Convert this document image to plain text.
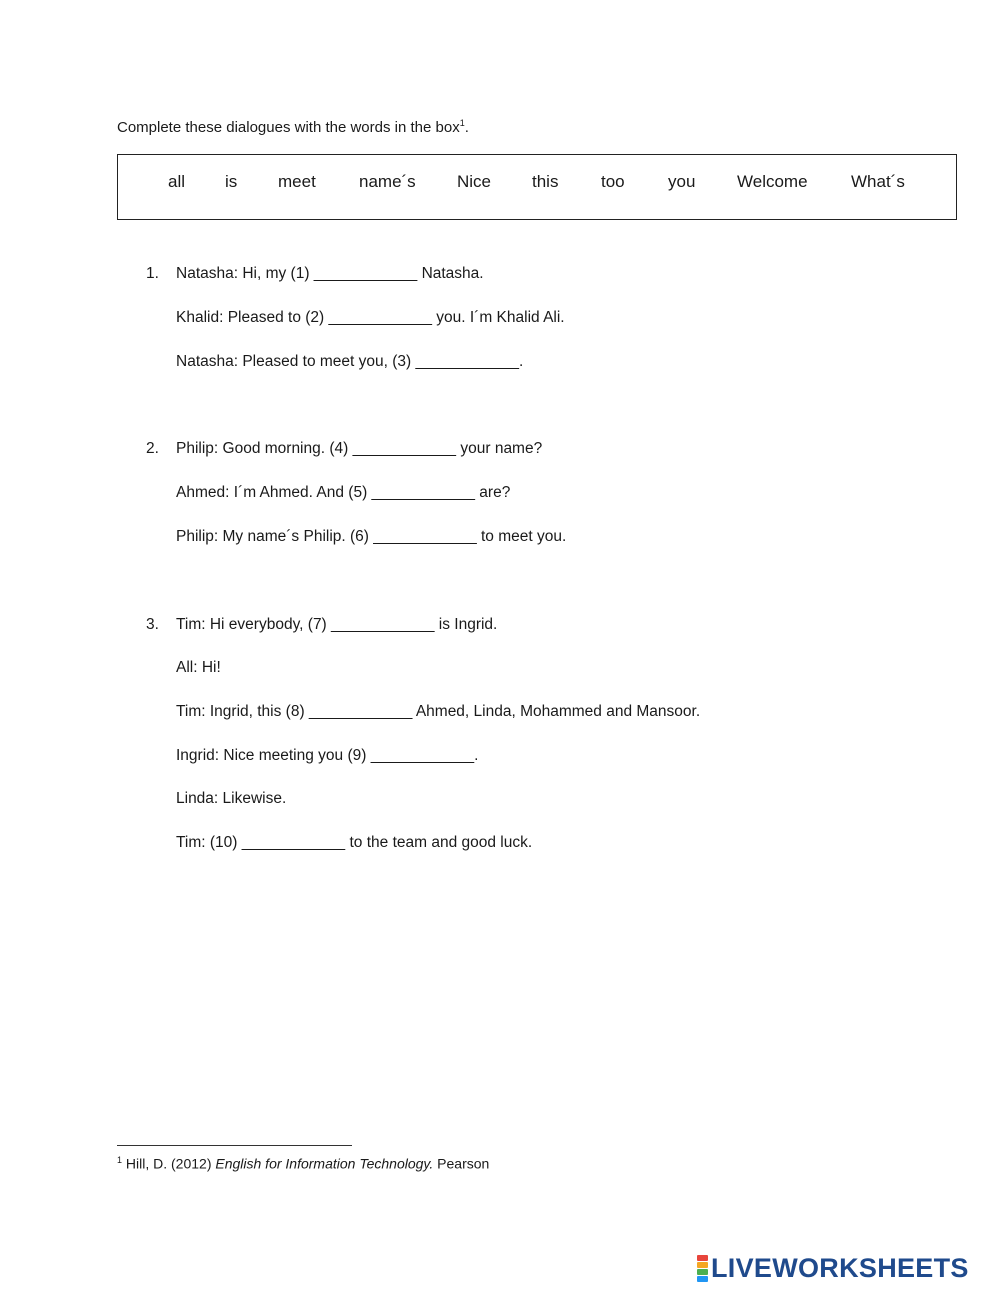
Complete these dialogues with the words in the box$^1$.
all is meet	name´s Nice this	too	you Welcome	What´s
1. Natasha: Hi, my (1) ____________ Natasha.
Khalid: Pleased to (2) ____________ you. I´m Khalid Ali.
Natasha: Pleased to meet you, (3) ____________.
2. Philip: Good morning. (4) ____________ your name?
Ahmed: I´m Ahmed. And (5) ____________ are?
Philip: My name´s Philip. (6) ____________ to meet you.
3. Tim: Hi everybody, (7) ____________ is Ingrid.
All: Hi!
Tim: Ingrid, this (8) ____________ Ahmed, Linda, Mohammed and Mansoor.
Ingrid: Nice meeting you (9) ____________.
Linda: Likewise.
Tim: (10) ____________ to the team and good luck.
$^1$ Hill, D. (2012) English for Information Technology. Pearson
LIVEWORKSHEETS
